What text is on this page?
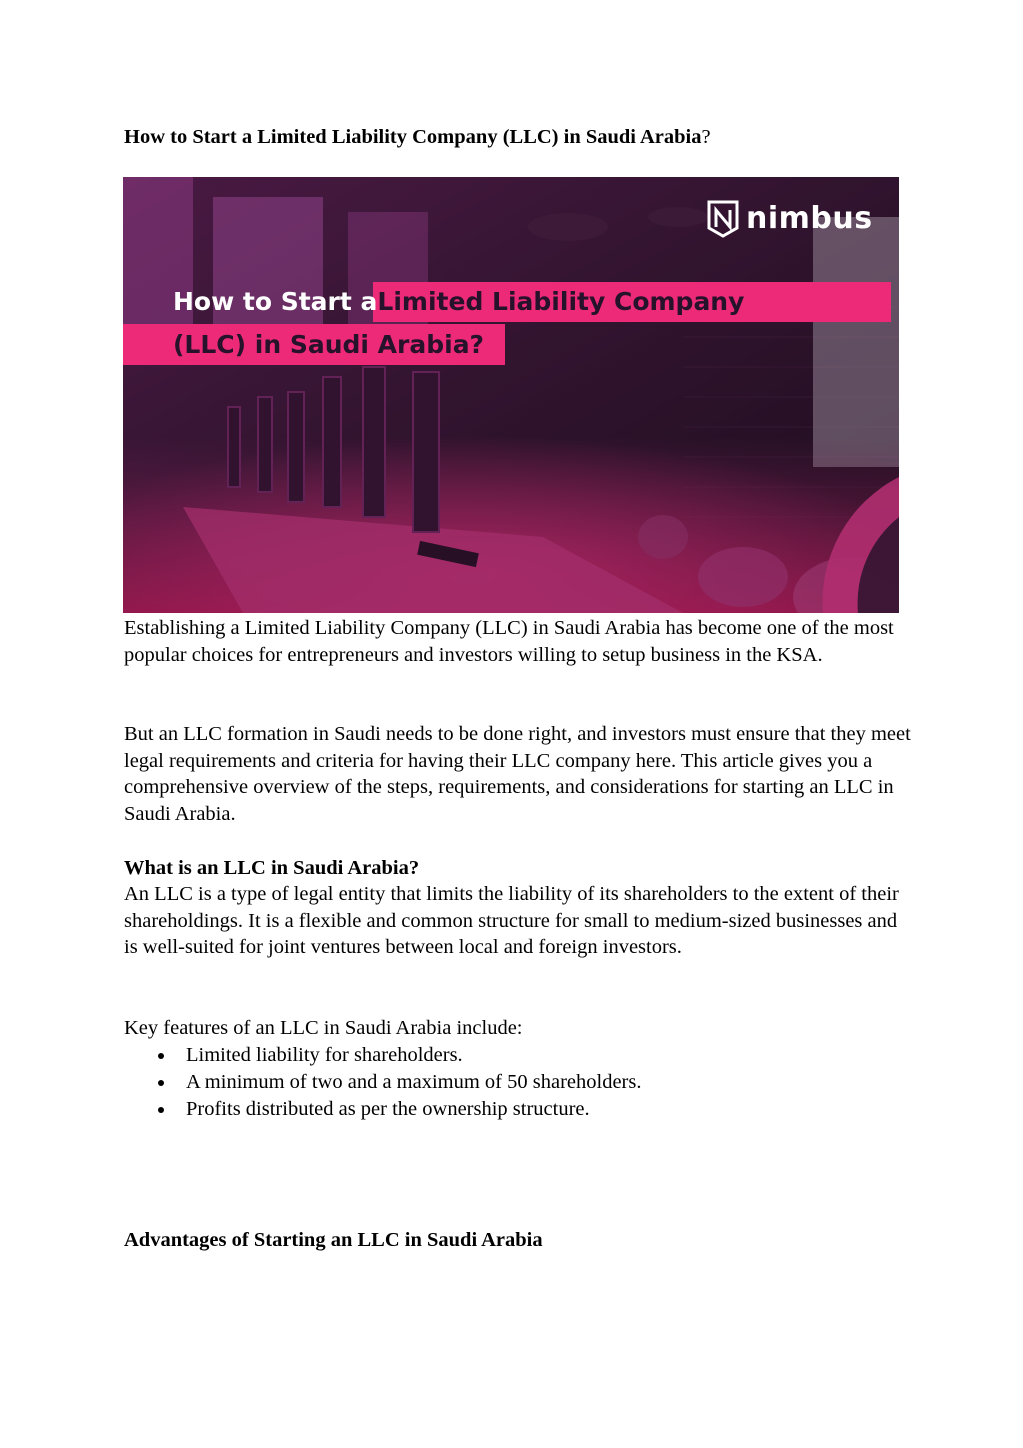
How to Start a Limited Liability Company (LLC) in Saudi Arabia?
nimbus
How to Start aLimited Liability Company
(LLC) in Saudi Arabia?

Establishing a Limited Liability Company (LLC) in Saudi Arabia has become one of the most popular choices for entrepreneurs and investors willing to setup business in the KSA.

But an LLC formation in Saudi needs to be done right, and investors must ensure that they meet legal requirements and criteria for having their LLC company here. This article gives you a comprehensive overview of the steps, requirements, and considerations for starting an LLC in Saudi Arabia.

What is an LLC in Saudi Arabia?

An LLC is a type of legal entity that limits the liability of its shareholders to the extent of their shareholdings. It is a flexible and common structure for small to medium-sized businesses and is well-suited for joint ventures between local and foreign investors.

Key features of an LLC in Saudi Arabia include:

Limited liability for shareholders.
A minimum of two and a maximum of 50 shareholders.
Profits distributed as per the ownership structure.
Advantages of Starting an LLC in Saudi Arabia
